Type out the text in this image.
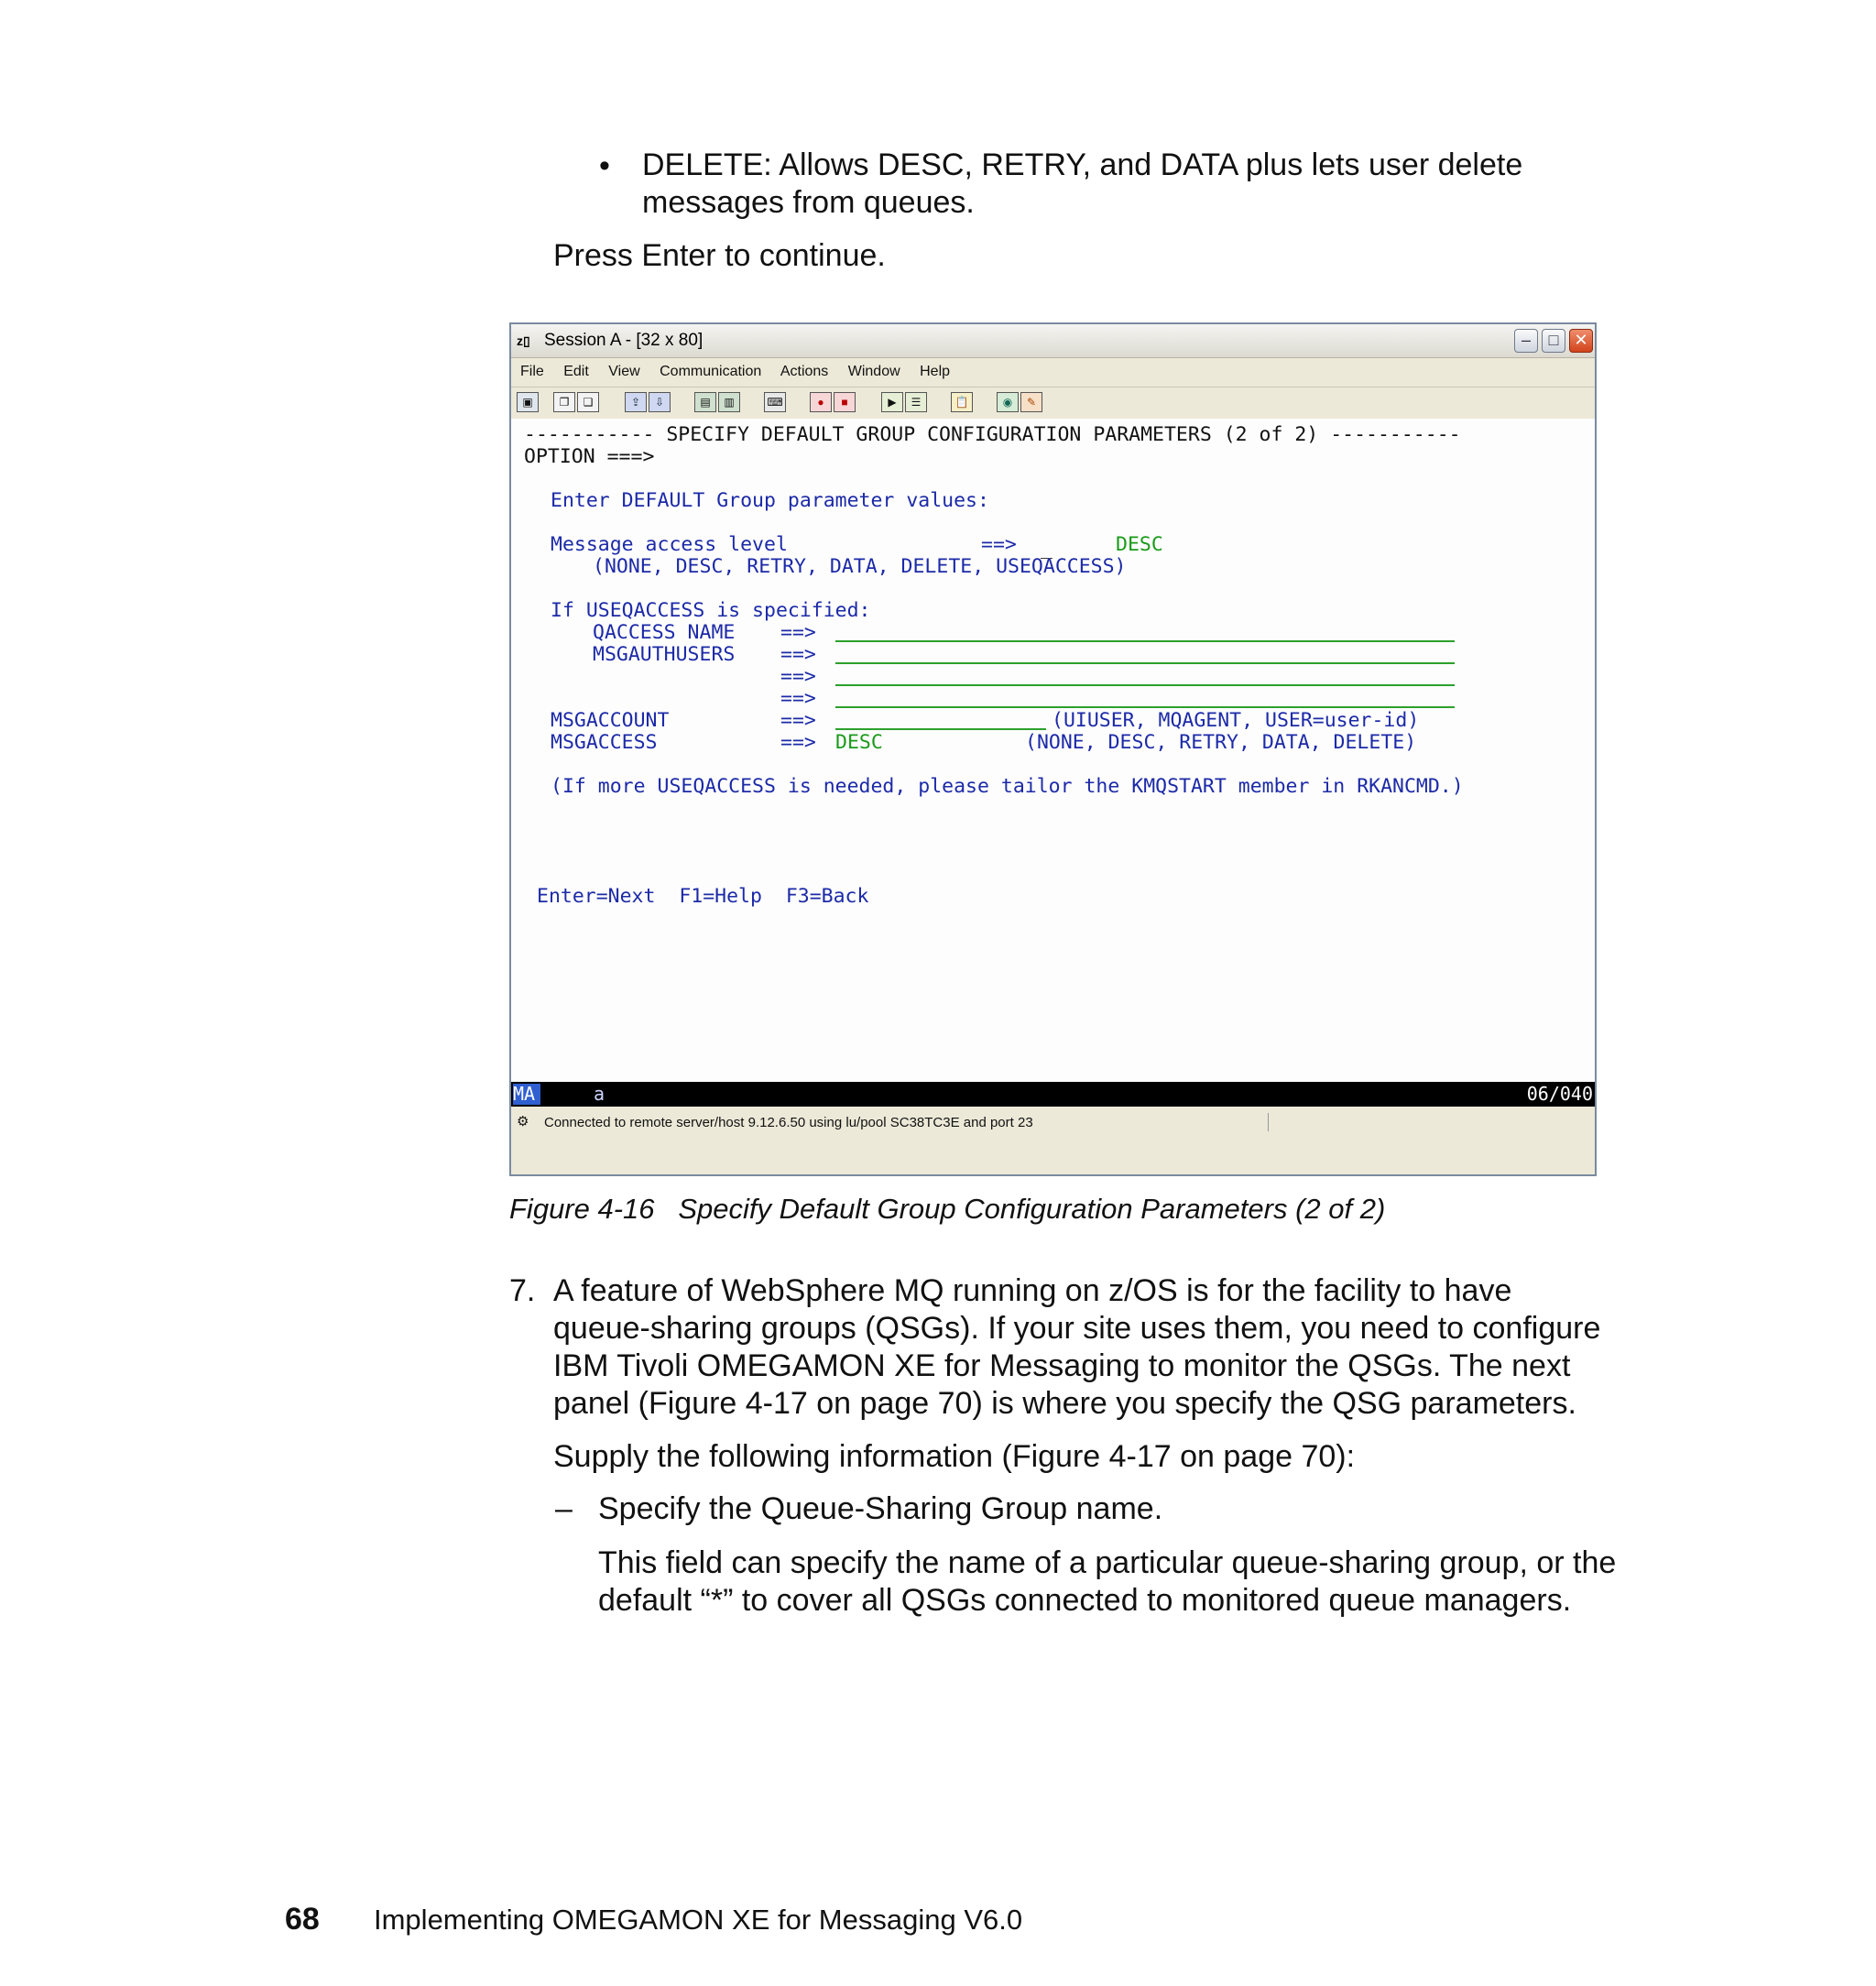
• DELETE: Allows DESC, RETRY, and DATA plus lets user delete
messages from queues.
Press Enter to continue.
z▯ Session A - [32 x 80]	–	□ ✕
File Edit View Communication Actions Window Help
▣	❐	❏	⇪	⇩	▤	▥	⌨	●	■	▶	☰	📋	◉	✎
----------- SPECIFY DEFAULT GROUP CONFIGURATION PARAMETERS (2 of 2) -----------
OPTION ===>
Enter DEFAULT Group parameter values:
Message access level	==> _	DESC
(NONE, DESC, RETRY, DATA, DELETE, USEQACCESS)
If USEQACCESS is specified:
QACCESS NAME ==>
MSGAUTHUSERS ==>
==>
==>
MSGACCOUNT	==>	(UIUSER, MQAGENT, USER=user-id)
MSGACCESS	==> DESC	(NONE, DESC, RETRY, DATA, DELETE)
(If more USEQACCESS is needed, please tailor the KMQSTART member in RKANCMD.)
Enter=Next  F1=Help  F3=Back
MA	a	06/040
⚙ Connected to remote server/host 9.12.6.50 using lu/pool SC38TC3E and port 23
Figure 4-16   Specify Default Group Configuration Parameters (2 of 2)
7. A feature of WebSphere MQ running on z/OS is for the facility to have
queue-sharing groups (QSGs). If your site uses them, you need to configure
IBM Tivoli OMEGAMON XE for Messaging to monitor the QSGs. The next
panel (Figure 4-17 on page 70) is where you specify the QSG parameters.
Supply the following information (Figure 4-17 on page 70):
– Specify the Queue-Sharing Group name.
This field can specify the name of a particular queue-sharing group, or the
default “*” to cover all QSGs connected to monitored queue managers.
68 Implementing OMEGAMON XE for Messaging V6.0
